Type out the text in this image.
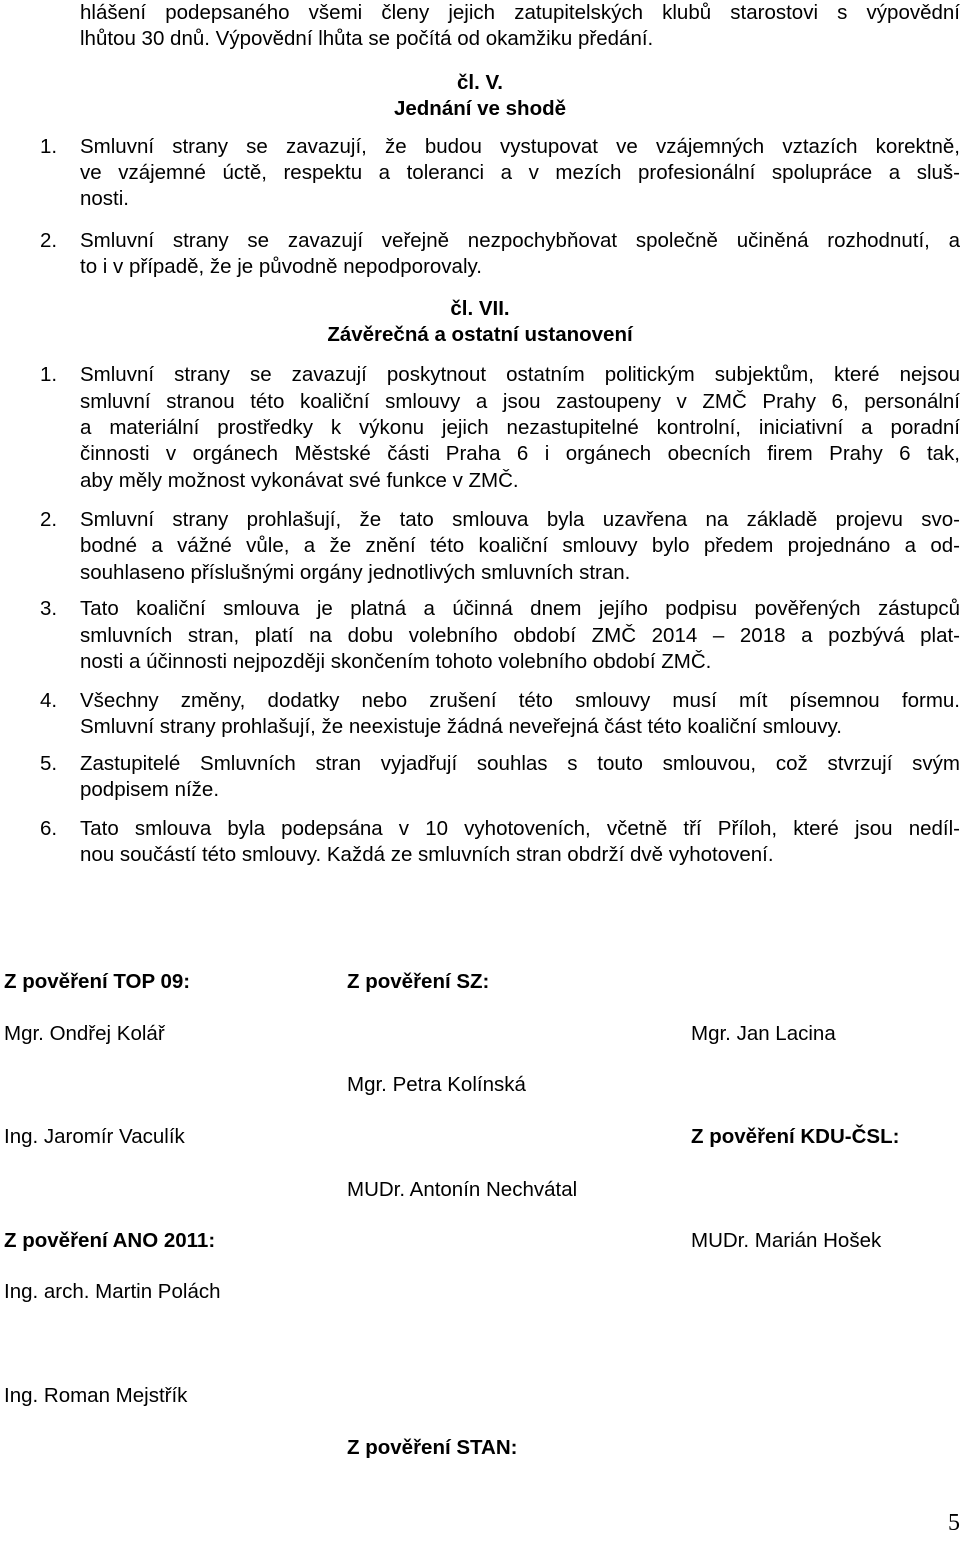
hlášení podepsaného všemi členy jejich zatupitelských klubů starostovi s výpovědní
lhůtou 30 dnů. Výpovědní lhůta se počítá od okamžiku předání.
čl. V.
Jednání ve shodě
1. Smluvní strany se zavazují, že budou vystupovat ve vzájemných vztazích korektně,
ve vzájemné úctě, respektu a toleranci a v mezích profesionální spolupráce a sluš-
nosti.
2. Smluvní strany se zavazují veřejně nezpochybňovat společně učiněná rozhodnutí, a
to i v případě, že je původně nepodporovaly.
čl. VII.
Závěrečná a ostatní ustanovení
1. Smluvní strany se zavazují poskytnout ostatním politickým subjektům, které nejsou
smluvní stranou této koaliční smlouvy a jsou zastoupeny v ZMČ Prahy 6, personální
a materiální prostředky k výkonu jejich nezastupitelné kontrolní, iniciativní a poradní
činnosti v orgánech Městské části Praha 6 i orgánech obecních firem Prahy 6 tak,
aby měly možnost vykonávat své funkce v ZMČ.
2. Smluvní strany prohlašují, že tato smlouva byla uzavřena na základě projevu svo-
bodné a vážné vůle, a že znění této koaliční smlouvy bylo předem projednáno a od-
souhlaseno příslušnými orgány jednotlivých smluvních stran.
3. Tato koaliční smlouva je platná a účinná dnem jejího podpisu pověřených zástupců
smluvních stran, platí na dobu volebního období ZMČ 2014 – 2018 a pozbývá plat-
nosti a účinnosti nejpozději skončením tohoto volebního období ZMČ.
4. Všechny změny, dodatky nebo zrušení této smlouvy musí mít písemnou formu.
Smluvní strany prohlašují, že neexistuje žádná neveřejná část této koaliční smlouvy.
5. Zastupitelé Smluvních stran vyjadřují souhlas s touto smlouvou, což stvrzují svým
podpisem níže.
6. Tato smlouva byla podepsána v 10 vyhotoveních, včetně tří Příloh, které jsou nedíl-
nou součástí této smlouvy. Každá ze smluvních stran obdrží dvě vyhotovení.
Z pověření TOP 09:	Z pověření SZ:
Mgr. Ondřej Kolář	Mgr. Jan Lacina
Mgr. Petra Kolínská
Ing. Jaromír Vaculík	Z pověření KDU-ČSL:
MUDr. Antonín Nechvátal
Z pověření ANO 2011:	MUDr. Marián Hošek
Ing. arch. Martin Polách
Ing. Roman Mejstřík
Z pověření STAN:
5
